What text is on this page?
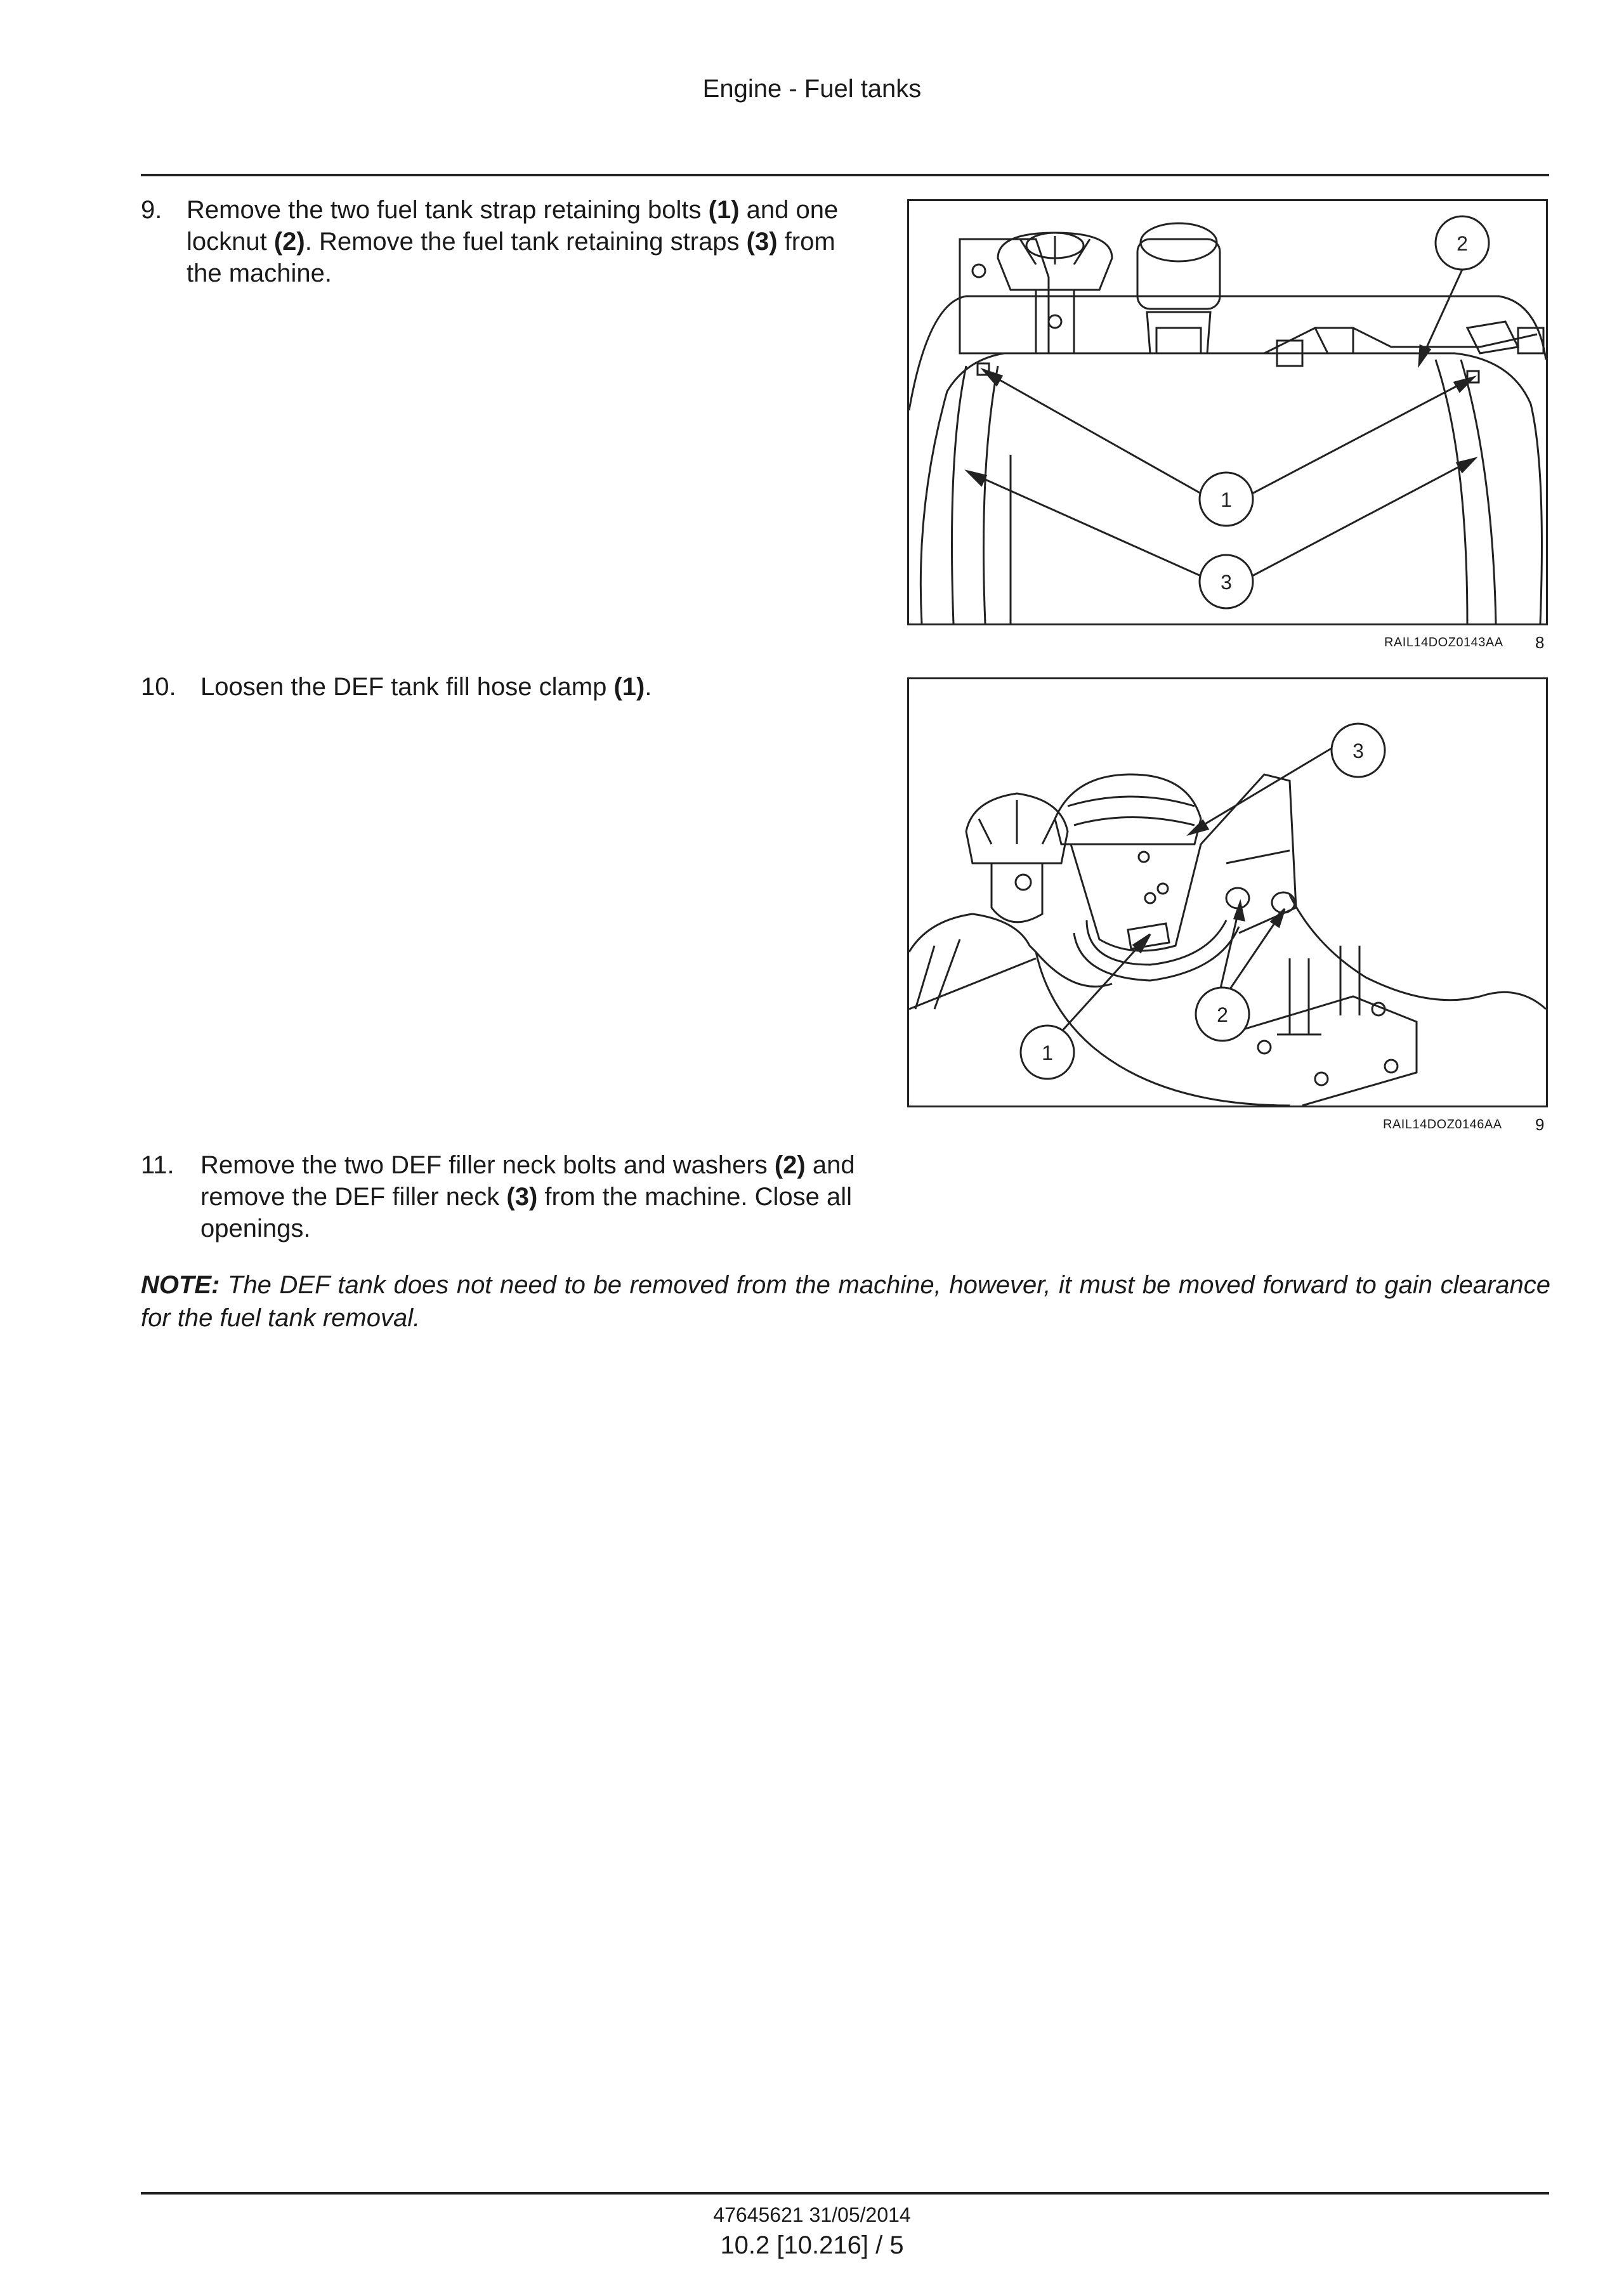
Engine - Fuel tanks
9. Remove the two fuel tank strap retaining bolts (1) and one locknut (2). Remove the fuel tank retaining straps (3) from the machine.
1
3
2
RAIL14DOZ0143AA 8
10. Loosen the DEF tank fill hose clamp (1).
1
2
3
RAIL14DOZ0146AA 9
11. Remove the two DEF filler neck bolts and washers (2) and remove the DEF filler neck (3) from the machine. Close all openings.
NOTE: The DEF tank does not need to be removed from the machine, however, it must be moved forward to gain clearance for the fuel tank removal.
47645621 31/05/2014
10.2 [10.216] / 5
